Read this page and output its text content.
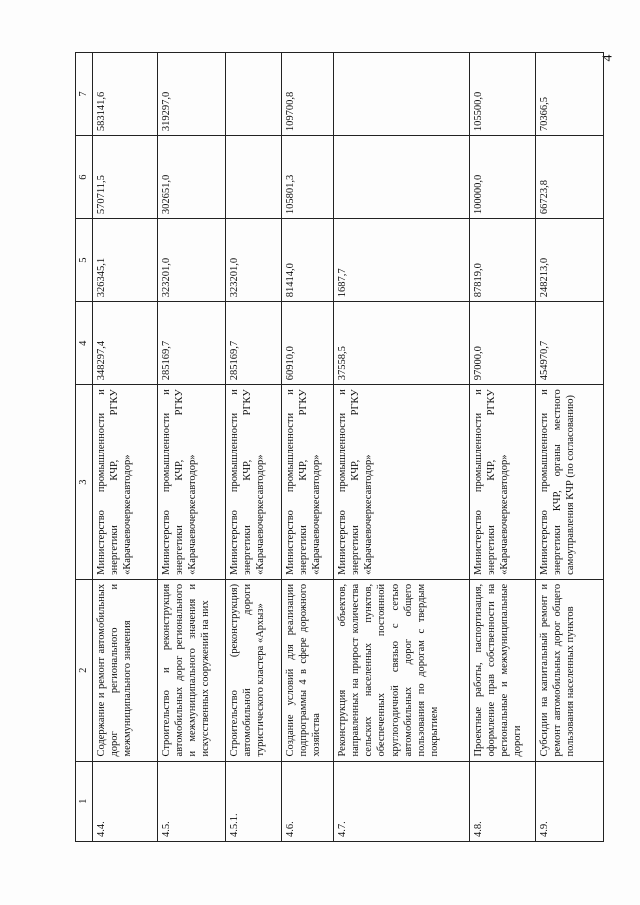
4
1	2	3	4	5	6	7
4.4.	Содержание и ремонт автомобильных дорог регионального и межмуниципального значения	Министерство промышленности и энергетики КЧР, РГКУ «Карачаевочеркесавтодор»	348297,4	326345,1	570711,5	583141,6
4.5.	Строительство и реконструкция автомобильных дорог регионального и межмуниципального значения и искусственных сооружений на них	Министерство промышленности и энергетики КЧР, РГКУ «Карачаевочеркесавтодор»	285169,7	323201,0	302651,0	319297,0
4.5.1.	Строительство (реконструкция) автомобильной дороги туристического кластера «Архыз»	Министерство промышленности и энергетики КЧР, РГКУ «Карачаевочеркесавтодор»	285169,7	323201,0		
4.6.	Создание условий для реализации подпрограммы 4 в сфере дорожного хозяйства	Министерство промышленности и энергетики КЧР, РГКУ «Карачаевочеркесавтодор»	60910,0	81414,0	105801,3	109700,8
4.7.	Реконструкция объектов, направленных на прирост количества сельских населенных пунктов, обеспеченных постоянной круглогодичной связью с сетью автомобильных дорог общего пользования по дорогам с твердым покрытием	Министерство промышленности и энергетики КЧР, РГКУ «Карачаевочеркесавтодор»	37558,5	1687,7		
4.8.	Проектные работы, паспортизация, оформление прав собственности на региональные и межмуниципальные дороги	Министерство промышленности и энергетики КЧР, РГКУ «Карачаевочеркесавтодор»	97000,0	87819,0	100000,0	105500,0
4.9.	Субсидии на капитальный ремонт и ремонт автомобильных дорог общего пользования населенных пунктов	Министерство промышленности и энергетики КЧР, органы местного самоуправления КЧР (по согласованию)	454970,7	248213,0	66723,8	70366,5
